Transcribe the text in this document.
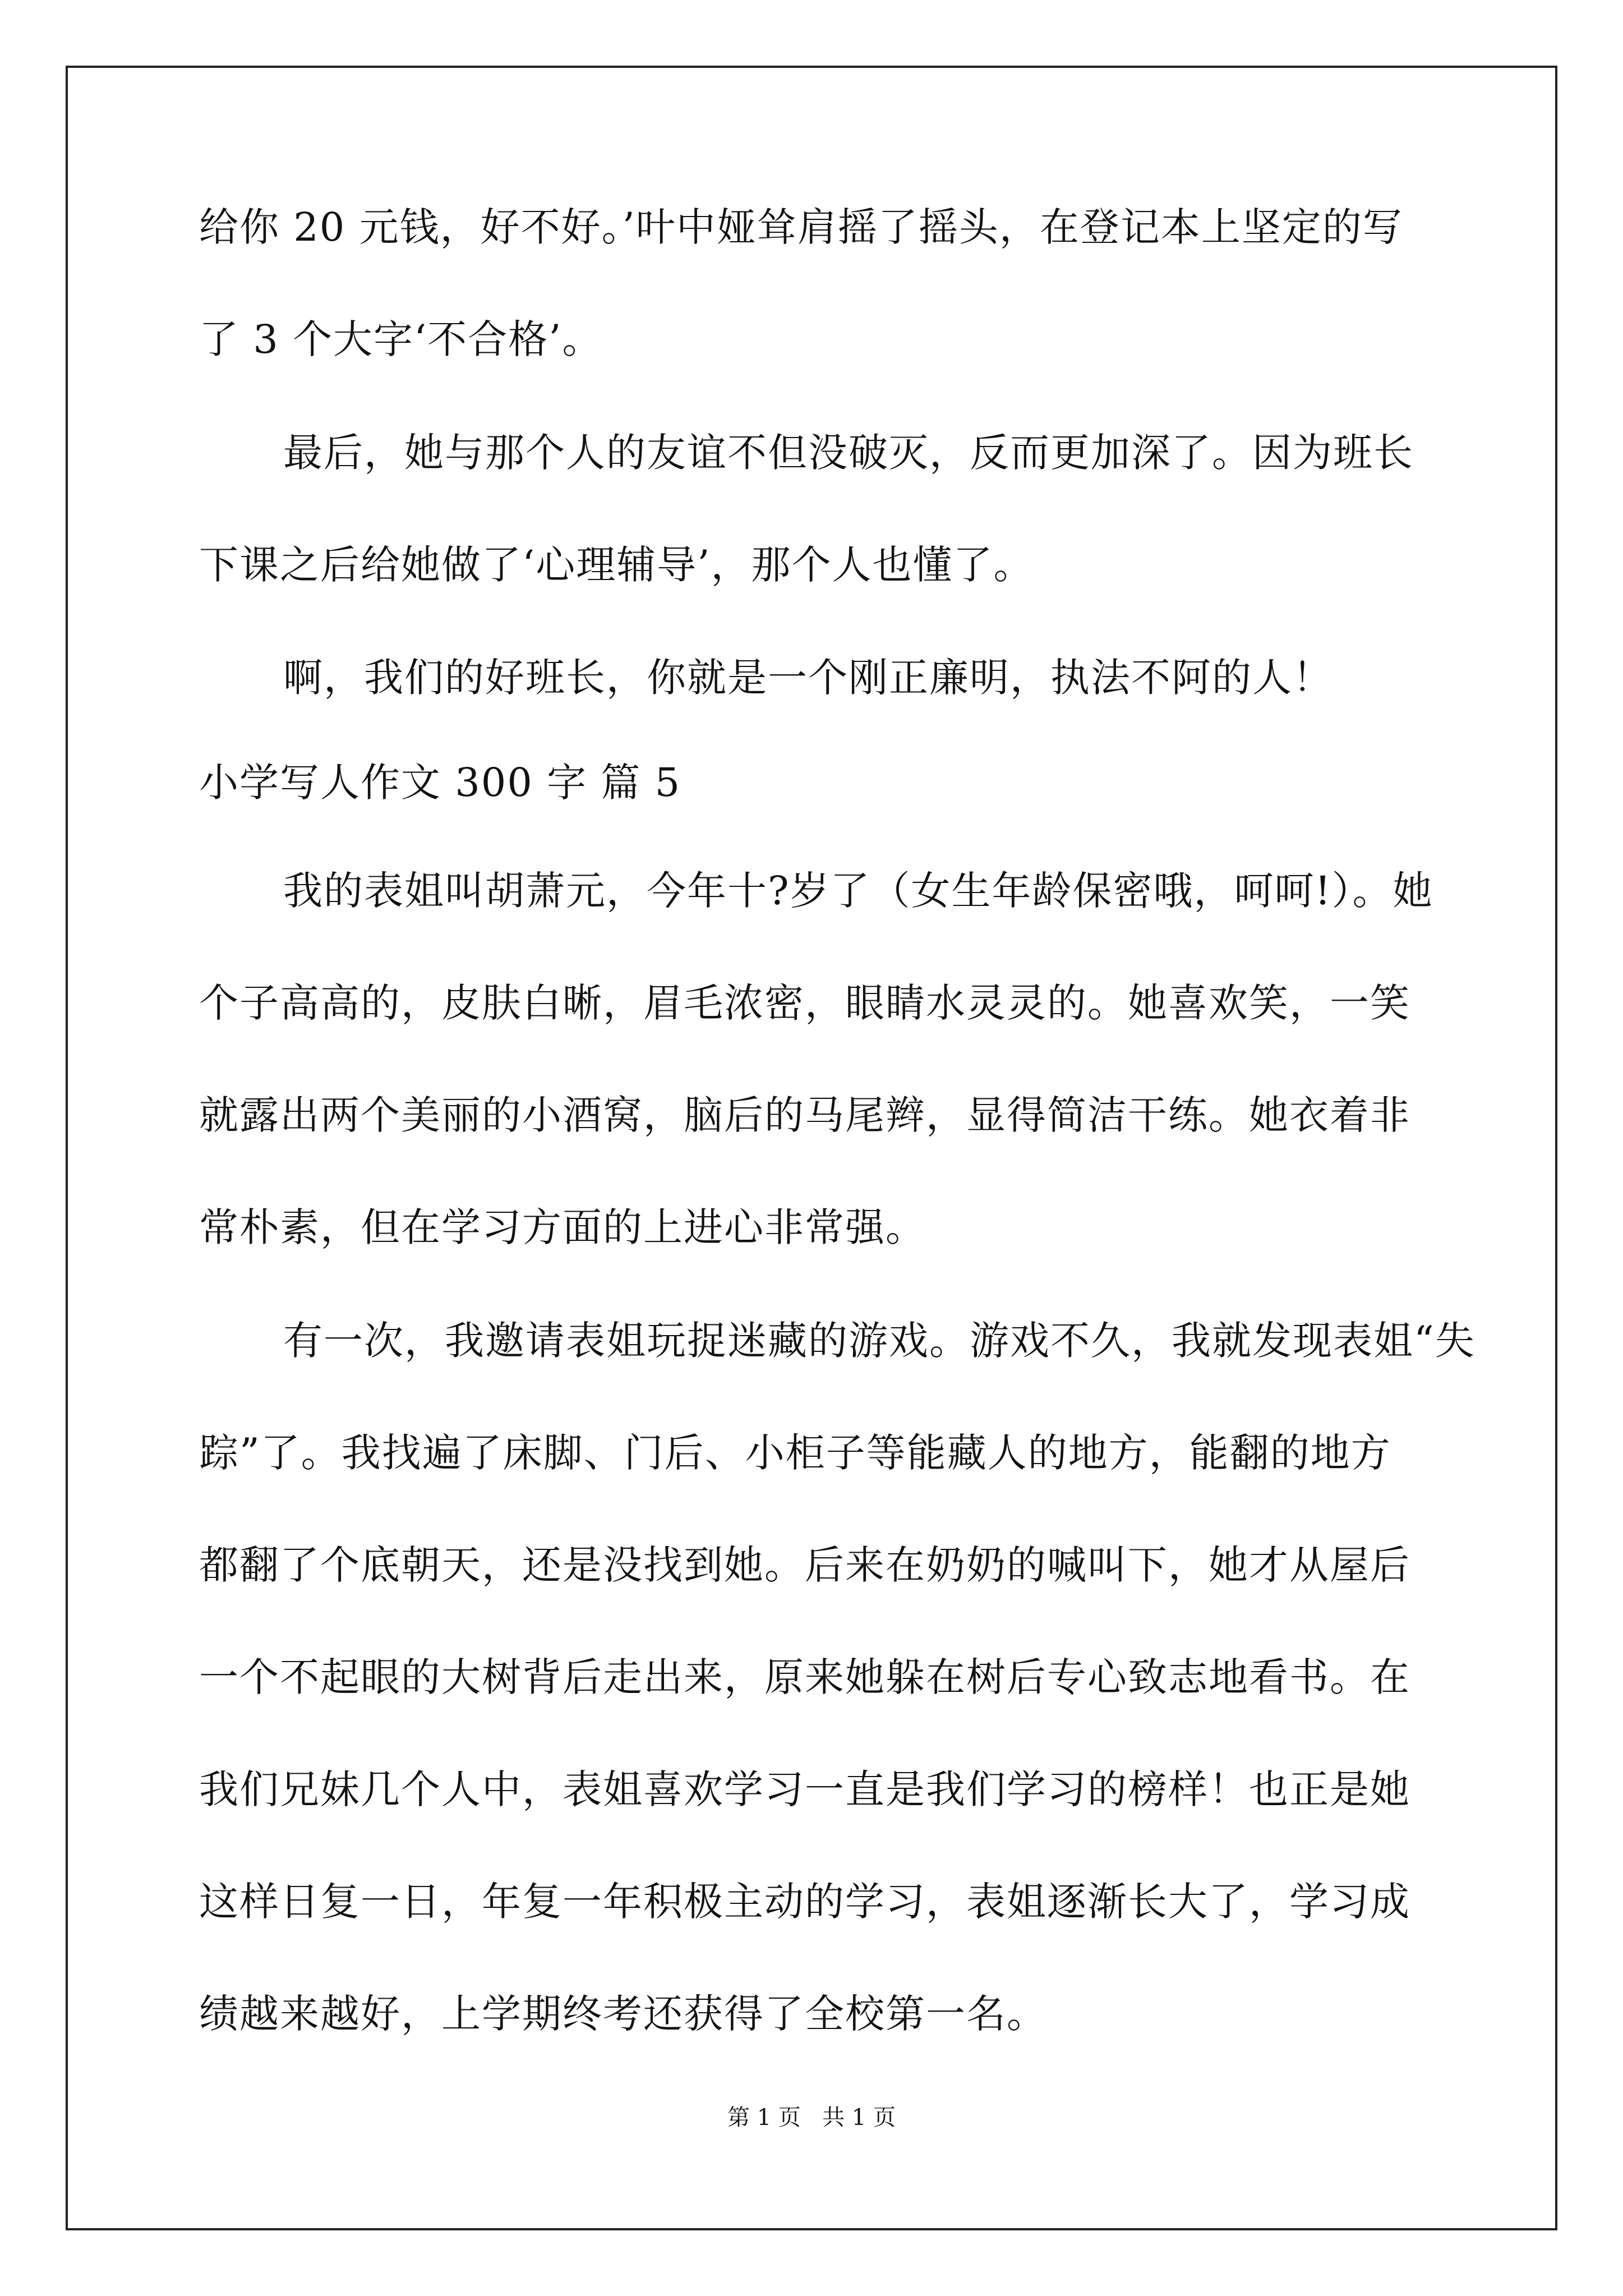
给你 20 元钱，好不好。’叶中娅耸肩摇了摇头，在登记本上坚定的写
了 3 个大字‘不合格’。
最后，她与那个人的友谊不但没破灭，反而更加深了。因为班长
下课之后给她做了‘心理辅导’，那个人也懂了。
啊，我们的好班长，你就是一个刚正廉明，执法不阿的人！
小学写人作文 300 字 篇 5
我的表姐叫胡萧元，今年十?岁了（女生年龄保密哦，呵呵!）。她
个子高高的，皮肤白晰，眉毛浓密，眼睛水灵灵的。她喜欢笑，一笑
就露出两个美丽的小酒窝，脑后的马尾辫，显得简洁干练。她衣着非
常朴素，但在学习方面的上进心非常强。
有一次，我邀请表姐玩捉迷藏的游戏。游戏不久，我就发现表姐“失
踪”了。我找遍了床脚、门后、小柜子等能藏人的地方，能翻的地方
都翻了个底朝天，还是没找到她。后来在奶奶的喊叫下，她才从屋后
一个不起眼的大树背后走出来，原来她躲在树后专心致志地看书。在
我们兄妹几个人中，表姐喜欢学习一直是我们学习的榜样！也正是她
这样日复一日，年复一年积极主动的学习，表姐逐渐长大了，学习成
绩越来越好，上学期终考还获得了全校第一名。
第 1 页   共 1 页
